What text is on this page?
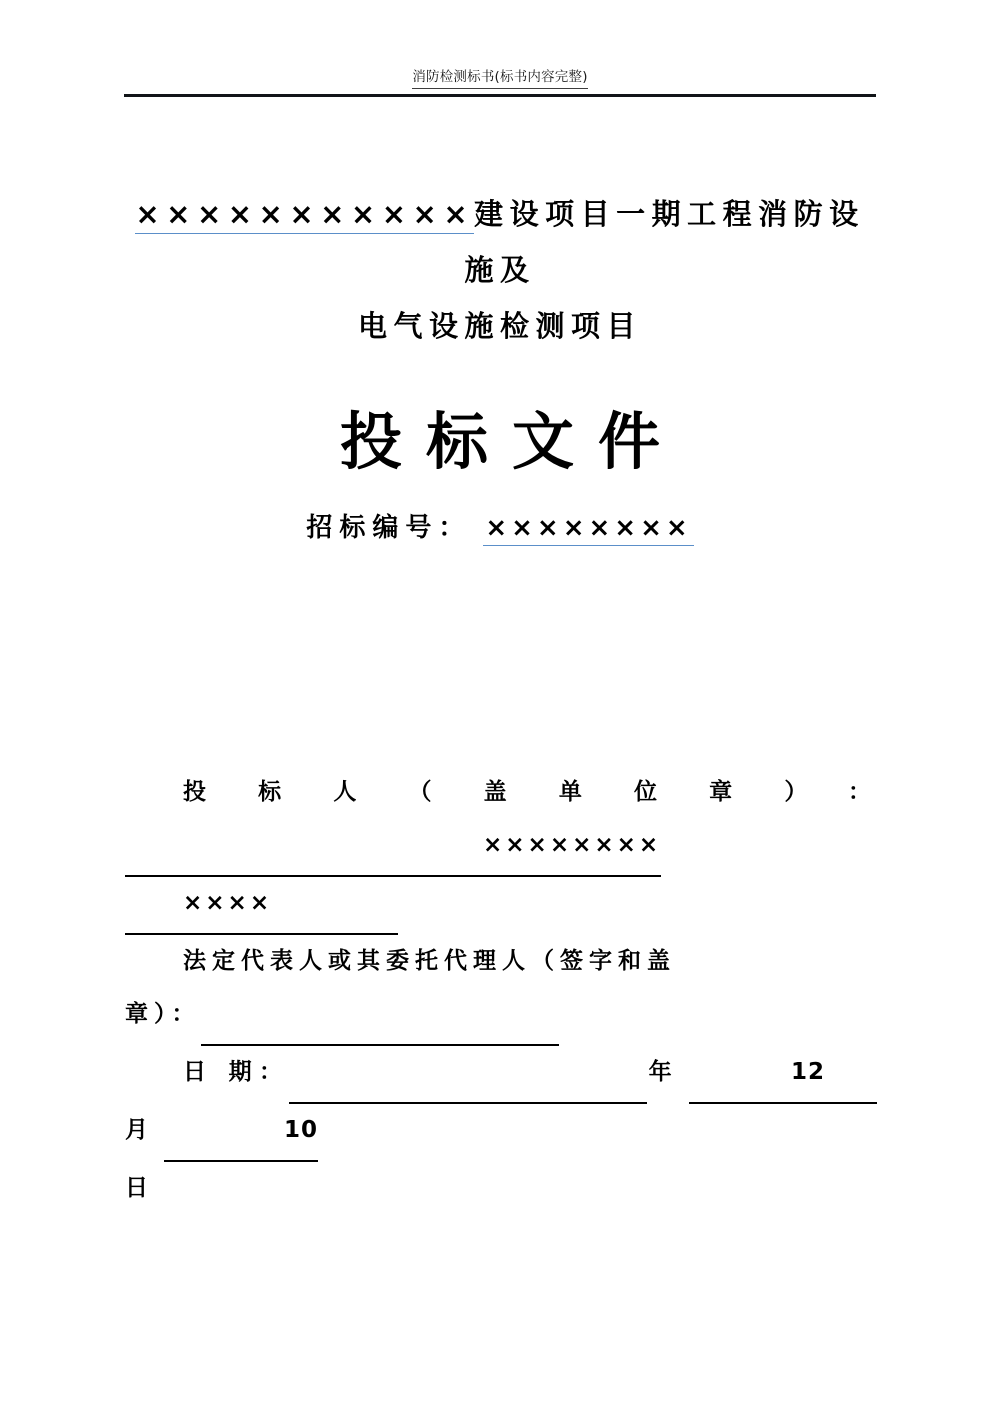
消防检测标书(标书内容完整)
×××××××××××建设项目一期工程消防设施及
电气设施检测项目
投标文件
招标编号： ××××××××

投标人（盖单位章）：××××××××××××

法定代表人或其委托代理人（签字和盖
章）：

日 期：	年	12月	10
日
